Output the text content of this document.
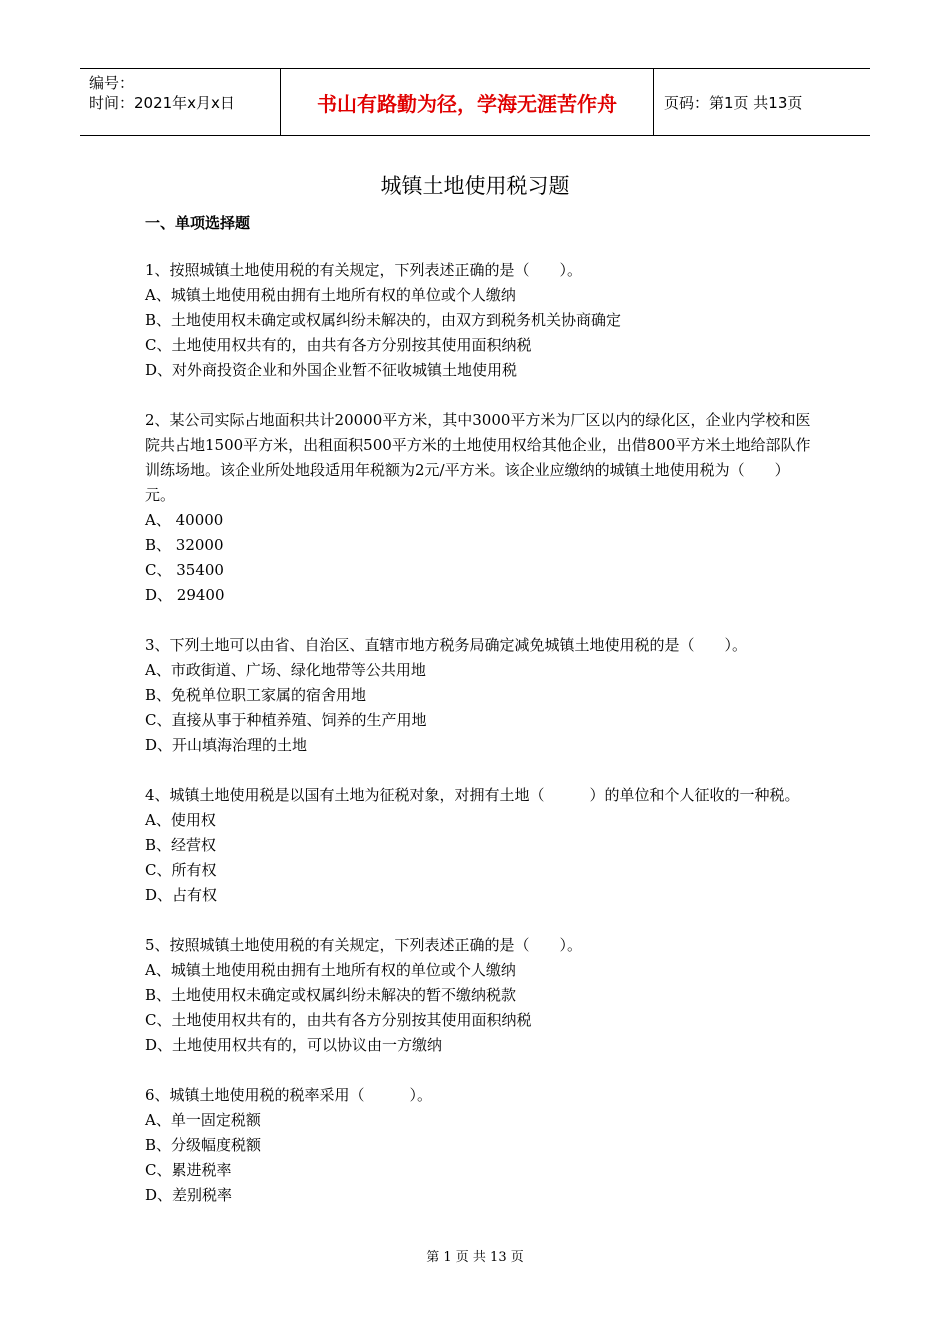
编号：
时间：2021年x月x日	书山有路勤为径，学海无涯苦作舟	页码：第1页 共13页
城镇土地使用税习题
一、单项选择题
1、按照城镇土地使用税的有关规定，下列表述正确的是（　　）。
A、城镇土地使用税由拥有土地所有权的单位或个人缴纳
B、土地使用权未确定或权属纠纷未解决的，由双方到税务机关协商确定
C、土地使用权共有的，由共有各方分别按其使用面积纳税
D、对外商投资企业和外国企业暂不征收城镇土地使用税
2、某公司实际占地面积共计20000平方米，其中3000平方米为厂区以内的绿化区，企业内学校和医院共占地1500平方米，出租面积500平方米的土地使用权给其他企业，出借800平方米土地给部队作训练场地。该企业所处地段适用年税额为2元/平方米。该企业应缴纳的城镇土地使用税为（　　）元。
A、 40000
B、 32000
C、 35400
D、 29400
3、下列土地可以由省、自治区、直辖市地方税务局确定减免城镇土地使用税的是（　　）。
A、市政街道、广场、绿化地带等公共用地
B、免税单位职工家属的宿舍用地
C、直接从事于种植养殖、饲养的生产用地
D、开山填海治理的土地
4、城镇土地使用税是以国有土地为征税对象，对拥有土地（　　　）的单位和个人征收的一种税。
A、使用权
B、经营权
C、所有权
D、占有权
5、按照城镇土地使用税的有关规定，下列表述正确的是（　　）。
A、城镇土地使用税由拥有土地所有权的单位或个人缴纳
B、土地使用权未确定或权属纠纷未解决的暂不缴纳税款
C、土地使用权共有的，由共有各方分别按其使用面积纳税
D、土地使用权共有的，可以协议由一方缴纳
6、城镇土地使用税的税率采用（　　　）。
A、单一固定税额
B、分级幅度税额
C、累进税率
D、差别税率
第 1 页 共 13 页
